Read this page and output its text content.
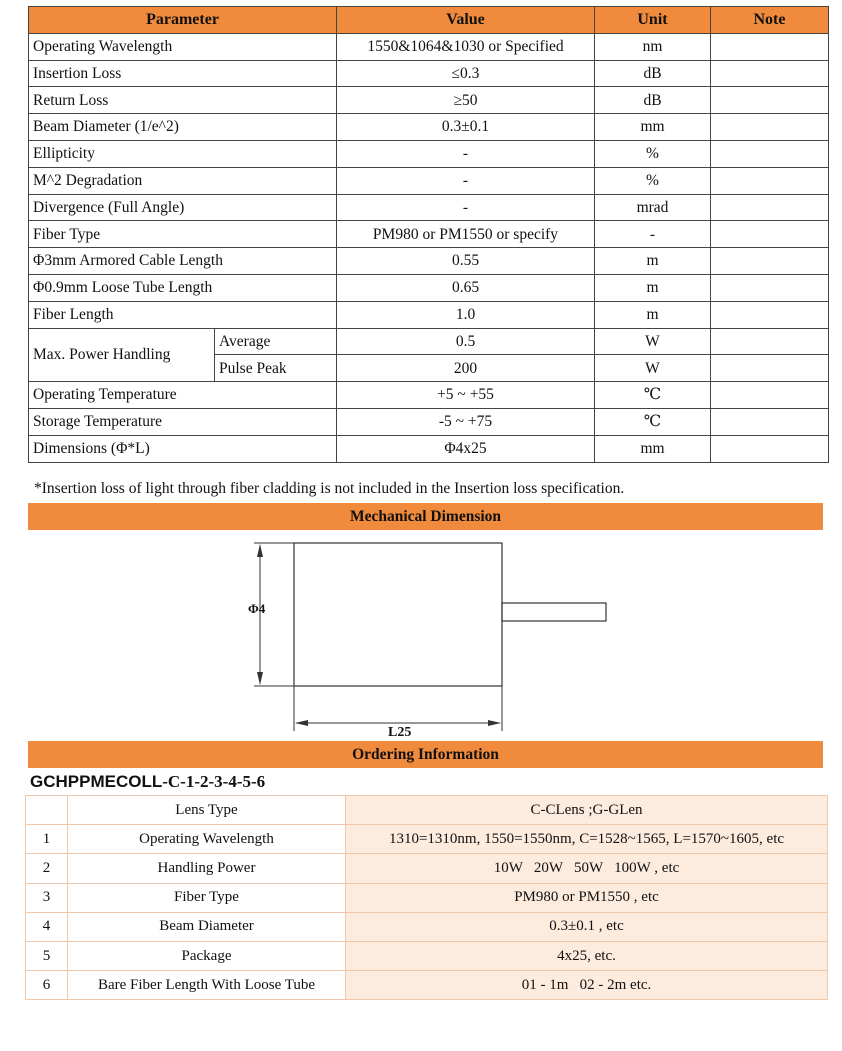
Parameter		Value	Unit	Note
Operating Wavelength		1550&1064&1030 or Specified	nm	
Insertion Loss		≤0.3	dB	
Return Loss		≥50	dB	
Beam Diameter (1/e^2)		0.3±0.1	mm	
Ellipticity		-	%	
M^2 Degradation		-	%	
Divergence (Full Angle)		-	mrad	
Fiber Type		PM980 or PM1550 or specify	-	
Φ3mm Armored Cable Length		0.55	m	
Φ0.9mm Loose Tube Length		0.65	m	
Fiber Length		1.0	m	
Max. Power Handling	Average	0.5	W	
	Pulse Peak	200	W	
Operating Temperature		+5 ~ +55	℃	
Storage Temperature		-5 ~ +75	℃	
Dimensions (Φ*L)		Φ4x25	mm	
*Insertion loss of light through fiber cladding is not included in the Insertion loss specification.
Mechanical Dimension
Φ4
L25
Ordering Information
GCHPPMECOLL-C-1-2-3-4-5-6
	Lens Type	C-CLens ;G-GLen
1	Operating Wavelength	1310=1310nm, 1550=1550nm, C=1528~1565, L=1570~1605, etc
2	Handling Power	10W   20W   50W   100W , etc
3	Fiber Type	PM980 or PM1550 , etc
4	Beam Diameter	0.3±0.1 , etc
5	Package	4x25, etc.
6	Bare Fiber Length With Loose Tube	01 - 1m   02 - 2m etc.
